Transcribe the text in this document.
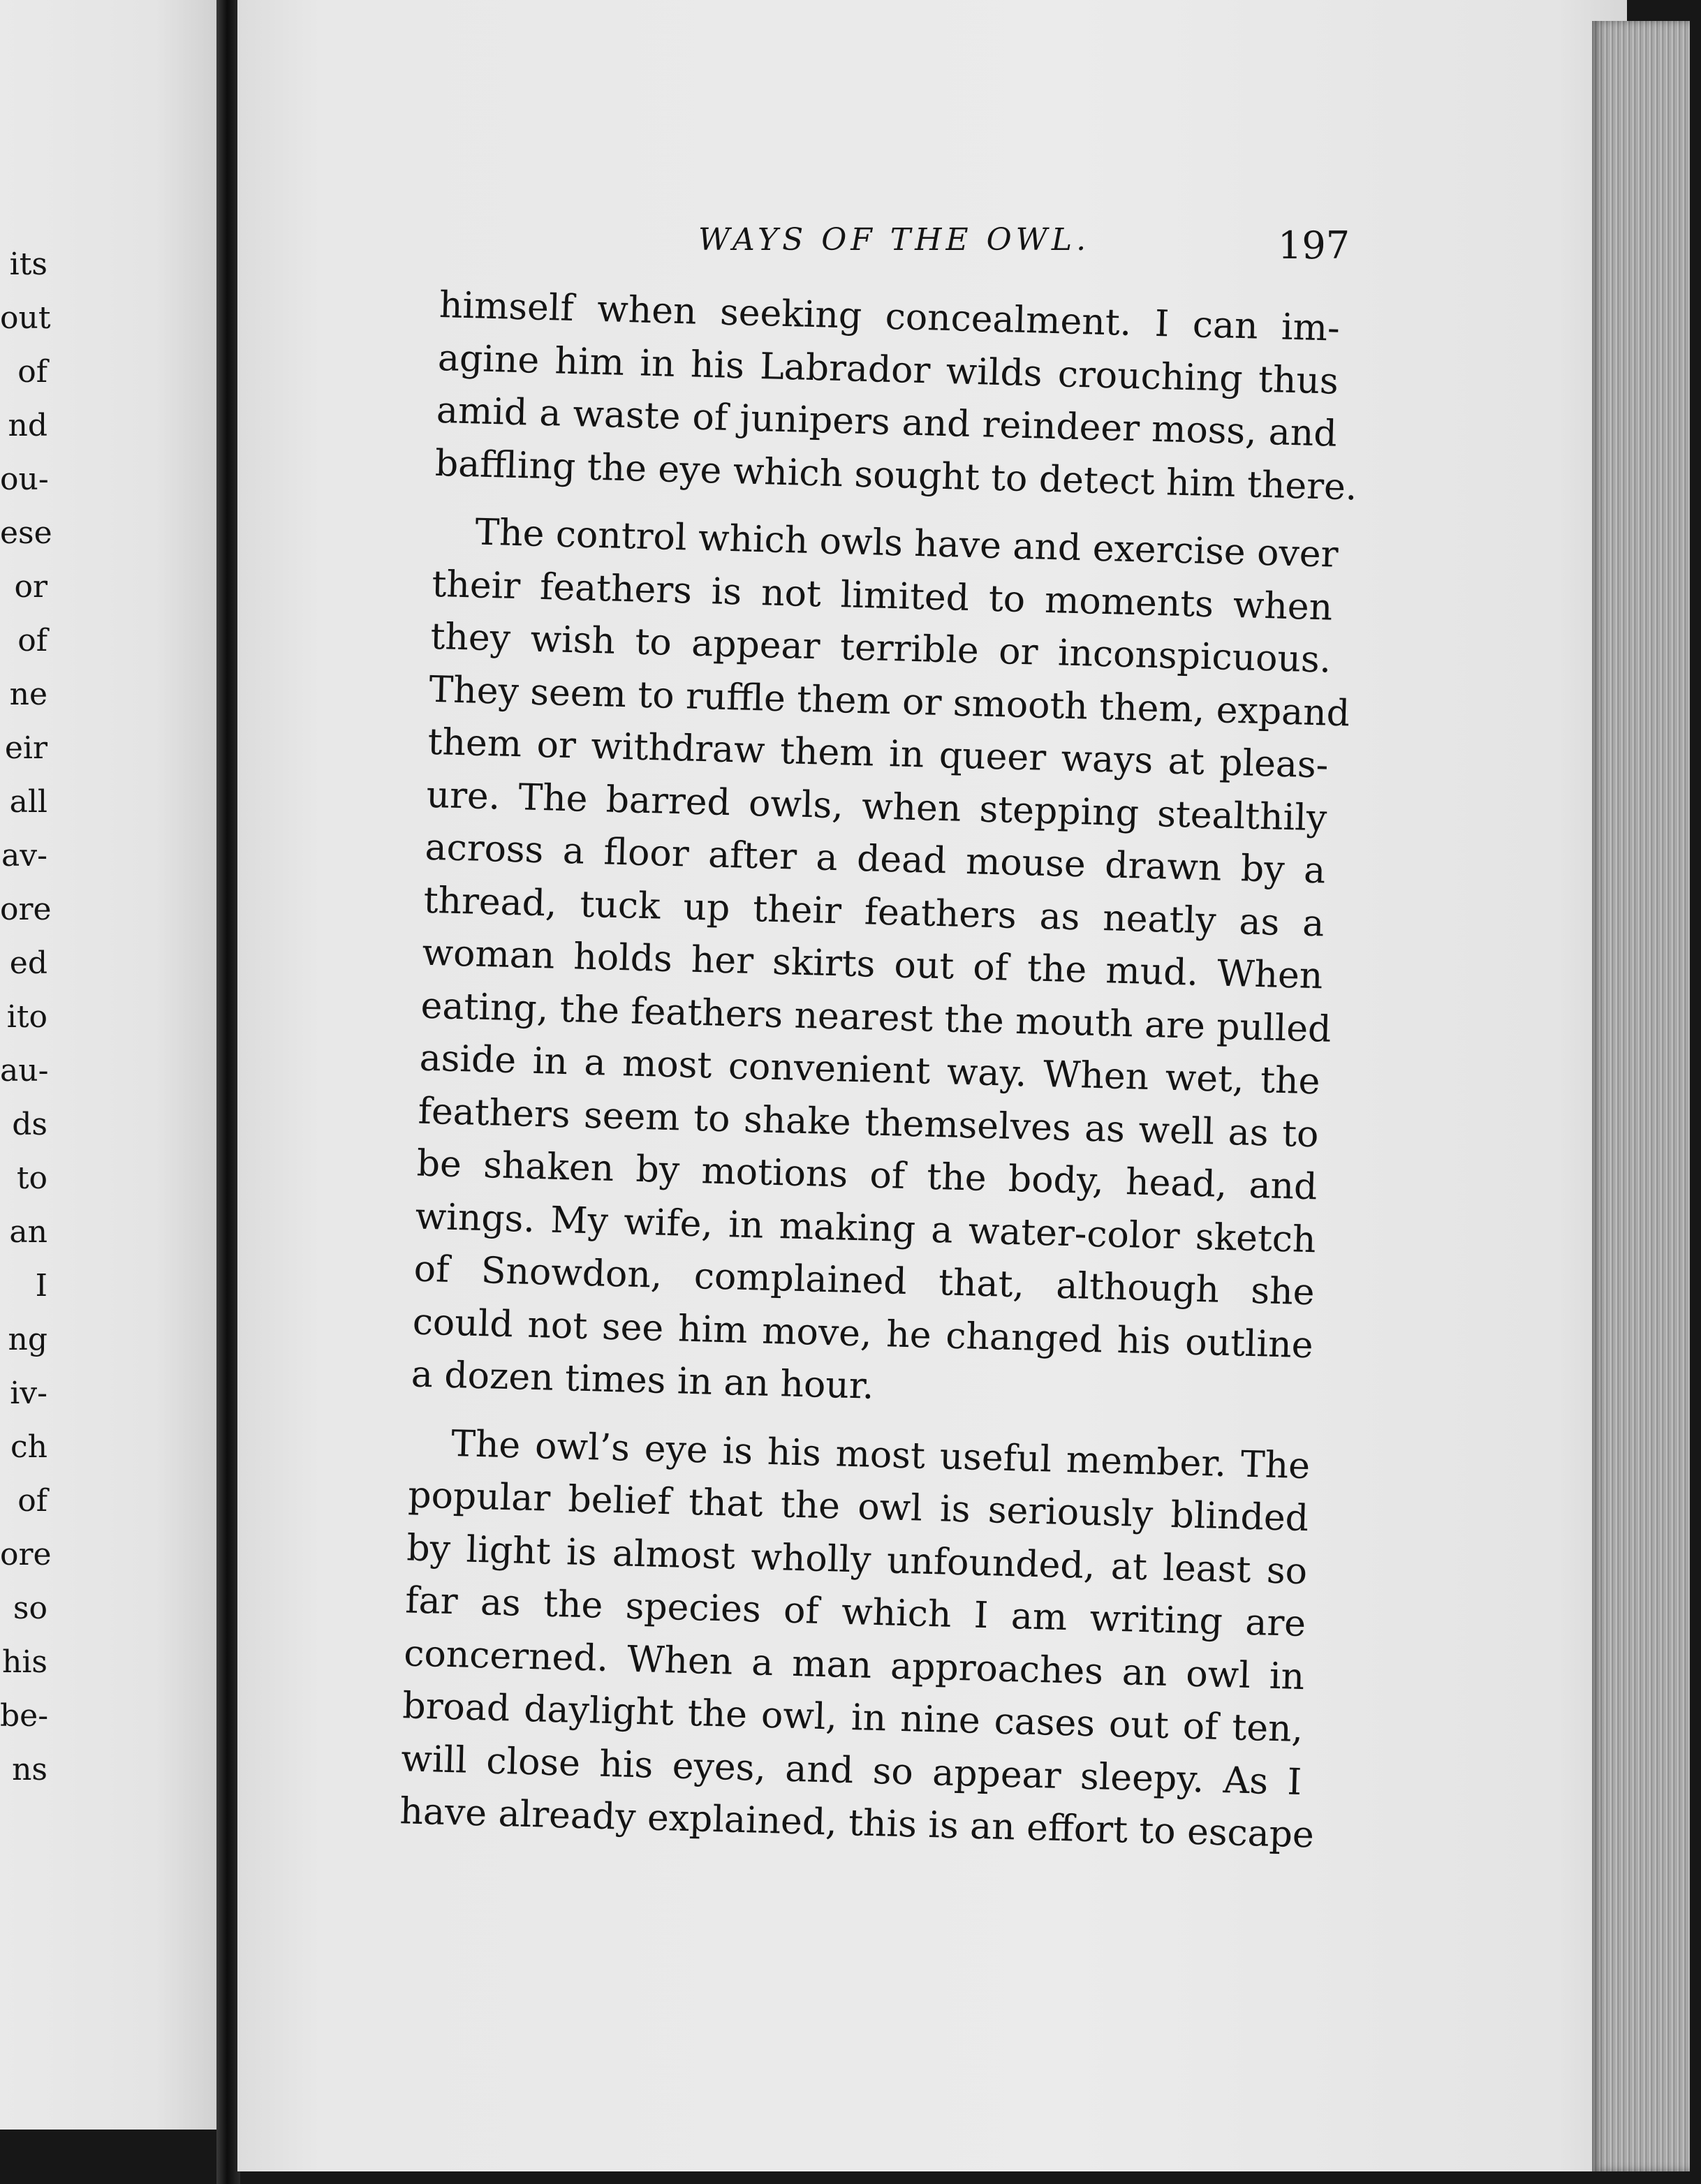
its
out
of
nd
ou-
ese
or
of
ne
eir
all
av-
ore
ed
ito
au-
ds
to
an
I
ng
iv-
ch
of
ore
so
his
be-
ns
WAYS OF THE OWL.	197
himself when seeking concealment. I can im-
agine him in his Labrador wilds crouching thus
amid a waste of junipers and reindeer moss, and
baffling the eye which sought to detect him there.
The control which owls have and exercise over
their feathers is not limited to moments when
they wish to appear terrible or inconspicuous.
They seem to ruffle them or smooth them, expand
them or withdraw them in queer ways at pleas-
ure. The barred owls, when stepping stealthily
across a floor after a dead mouse drawn by a
thread, tuck up their feathers as neatly as a
woman holds her skirts out of the mud. When
eating, the feathers nearest the mouth are pulled
aside in a most convenient way. When wet, the
feathers seem to shake themselves as well as to
be shaken by motions of the body, head, and
wings. My wife, in making a water-color sketch
of Snowdon, complained that, although she
could not see him move, he changed his outline
a dozen times in an hour.
The owl’s eye is his most useful member. The
popular belief that the owl is seriously blinded
by light is almost wholly unfounded, at least so
far as the species of which I am writing are
concerned. When a man approaches an owl in
broad daylight the owl, in nine cases out of ten,
will close his eyes, and so appear sleepy. As I
have already explained, this is an effort to escape
